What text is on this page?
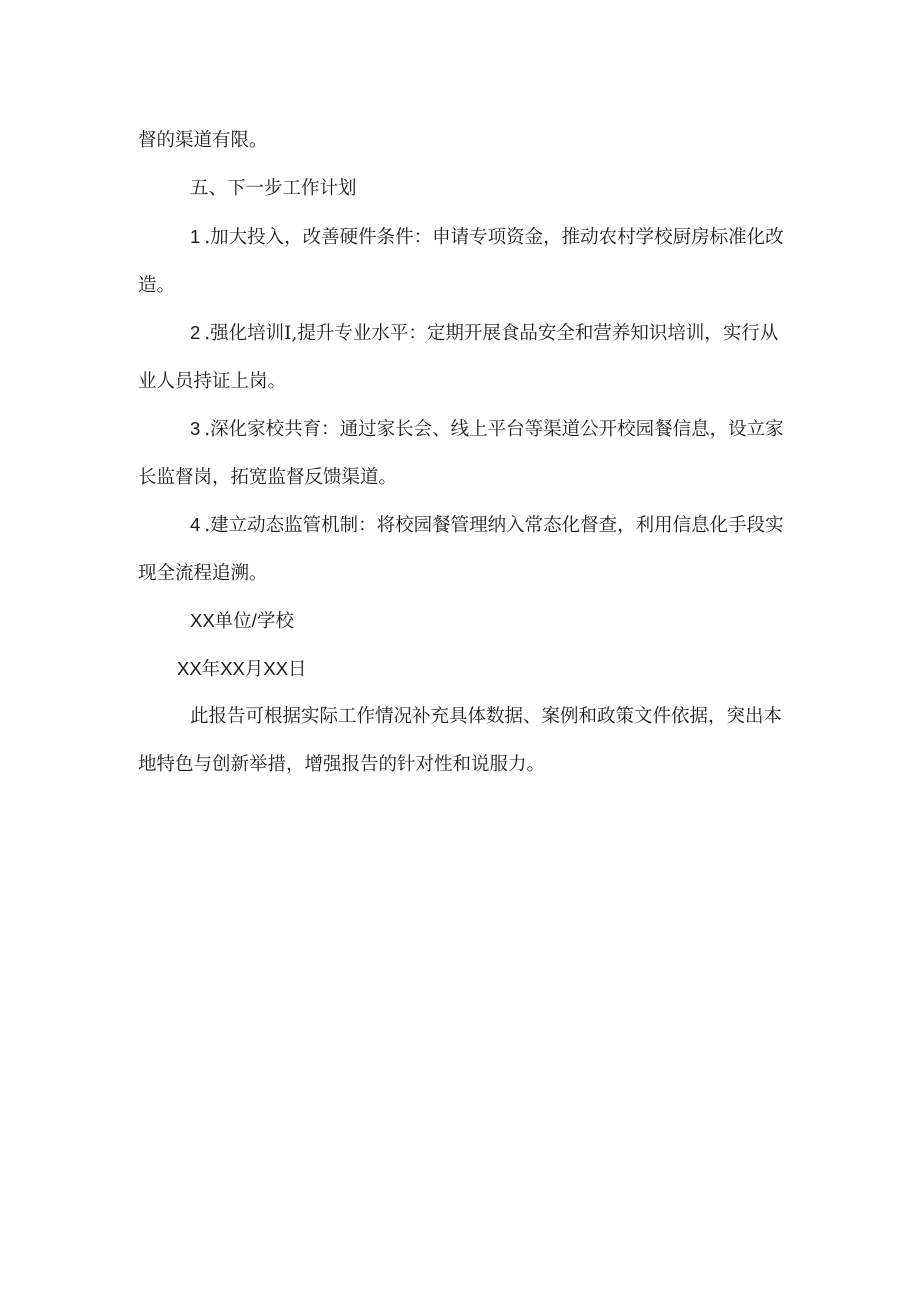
督的渠道有限。

五、下一步工作计划

1.加大投入，改善硬件条件：申请专项资金，推动农村学校厨房标准化改造。

2.强化培训I,提升专业水平：定期开展食品安全和营养知识培训，实行从业人员持证上岗。

3.深化家校共育：通过家长会、线上平台等渠道公开校园餐信息，设立家长监督岗，拓宽监督反馈渠道。

4.建立动态监管机制：将校园餐管理纳入常态化督查，利用信息化手段实现全流程追溯。

XX单位/学校

XX年XX月XX日

此报告可根据实际工作情况补充具体数据、案例和政策文件依据，突出本地特色与创新举措，增强报告的针对性和说服力。
